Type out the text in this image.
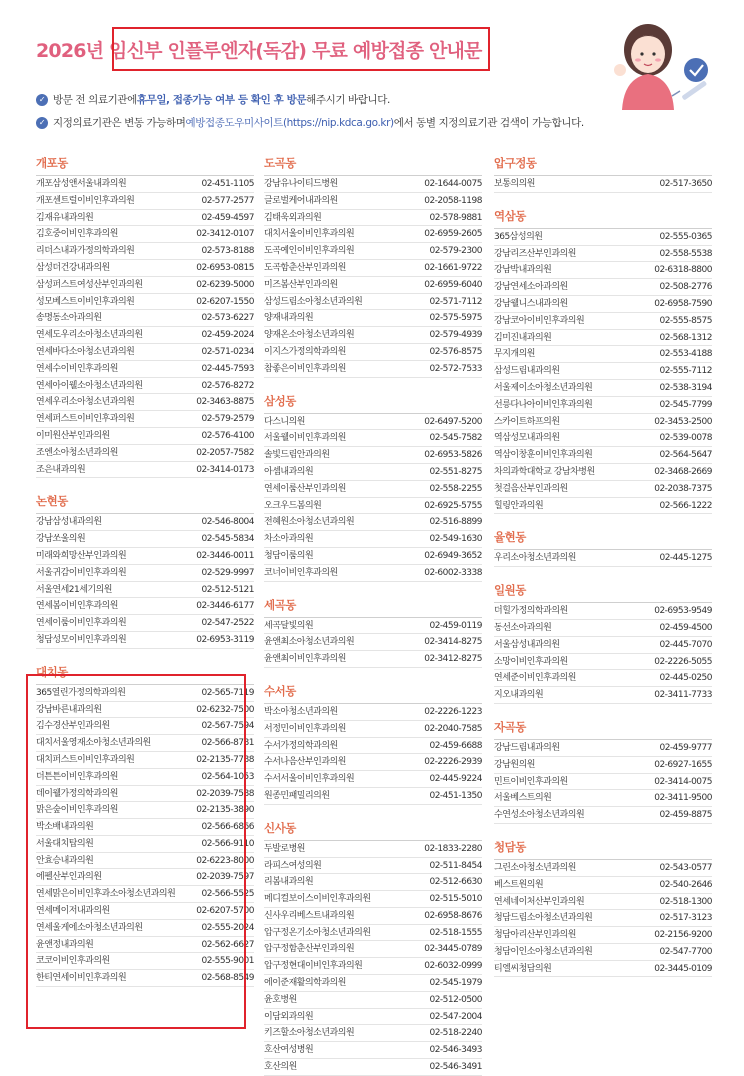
2026년 임신부 인플루엔자(독감) 무료 예방접종 안내문
✓ 방문 전 의료기관에 휴무일, 접종가능 여부 등 확인 후 방문 해주시기 바랍니다.
✓ 지정의료기관은 변동 가능하며 예방접종도우미사이트(https://nip.kdca.go.kr) 에서 동별 지정의료기관 검색이 가능합니다.
개포동
개포삼성앤서울내과의원	02-451-1105
개포센트럴이비인후과의원	02-577-2577
김재유내과의원	02-459-4597
김호중이비인후과의원	02-3412-0107
리더스내과가정의학과의원	02-573-8188
삼성더건강내과의원	02-6953-0815
삼성퍼스트여성산부인과의원	02-6239-5000
성모베스트이비인후과의원	02-6207-1550
송명동소아과의원	02-573-6227
연세도우리소아청소년과의원	02-459-2024
연세바다소아청소년과의원	02-571-0234
연세수이비인후과의원	02-445-7593
연세아이웰소아청소년과의원	02-576-8272
연세우리소아청소년과의원	02-3463-8875
연세퍼스트이비인후과의원	02-579-2579
이미원산부인과의원	02-576-4100
조엔소아청소년과의원	02-2057-7582
조은내과의원	02-3414-0173
논현동
강남삼성내과의원	02-546-8004
강남쏘울의원	02-545-5834
미래와희망산부인과의원	02-3446-0011
서울귀감이비인후과의원	02-529-9997
서울연세21세기의원	02-512-5121
연세봄이비인후과의원	02-3446-6177
연세이룸이비인후과의원	02-547-2522
청담성모이비인후과의원	02-6953-3119
대치동
365열린가정의학과의원	02-565-7119
강남바른내과의원	02-6232-7500
김수경산부인과의원	02-567-7594
대치서울영재소아청소년과의원	02-566-8781
대치퍼스트이비인후과의원	02-2135-7788
더튼튼이비인후과의원	02-564-1053
데이웰가정의학과의원	02-2039-7588
맑은숲이비인후과의원	02-2135-3890
박소배내과의원	02-566-6866
서울대치탑의원	02-566-9110
안효승내과의원	02-6223-8000
에펠산부인과의원	02-2039-7597
연세맑은이비인후과소아청소년과의원	02-566-5525
연세메이저내과의원	02-6207-5700
연세울게에소아청소년과의원	02-555-2024
윤앤정내과의원	02-562-6627
코코이비인후과의원	02-555-9001
한티연세이비인후과의원	02-568-8549
도곡동
강남유나이티드병원	02-1644-0075
글로벌케어내과의원	02-2058-1198
김태욱외과의원	02-578-9881
대치서울이비인후과의원	02-6959-2605
도곡예인이비인후과의원	02-579-2300
도곡함춘산부인과의원	02-1661-9722
미즈봄산부인과의원	02-6959-6040
삼성드림소아청소년과의원	02-571-7112
양재내과의원	02-575-5975
양재온소아청소년과의원	02-579-4939
이지스가정의학과의원	02-576-8575
참좋은이비인후과의원	02-572-7533
삼성동
다스니의원	02-6497-5200
서울웰이비인후과의원	02-545-7582
솔빛드림안과의원	02-6953-5826
아셈내과의원	02-551-8275
연세이룸산부인과의원	02-558-2255
오크우드봄의원	02-6925-5755
전혜원소아청소년과의원	02-516-8899
차소아과의원	02-549-1630
청담이룸의원	02-6949-3652
코너이비인후과의원	02-6002-3338
세곡동
세곡달빛의원	02-459-0119
윤앤최소아청소년과의원	02-3414-8275
윤앤최이비인후과의원	02-3412-8275
수서동
박소아청소년과의원	02-2226-1223
서정민이비인후과의원	02-2040-7585
수서가정의학과의원	02-459-6688
수서나음산부인과의원	02-2226-2939
수서서울이비인후과의원	02-445-9224
원종민패밀리의원	02-451-1350
신사동
두발로병원	02-1833-2280
라피스여성의원	02-511-8454
리봄내과의원	02-512-6630
메디컬보이스이비인후과의원	02-515-5010
신사우리베스트내과의원	02-6958-8676
압구정온기소아청소년과의원	02-518-1555
압구정함춘산부인과의원	02-3445-0789
압구정현대이비인후과의원	02-6032-0999
에이준재활의학과의원	02-545-1979
윤호병원	02-512-0500
이담외과의원	02-547-2004
키즈할소아청소년과의원	02-518-2240
호산여성병원	02-546-3493
호산의원	02-546-3491
압구정동
보통의의원	02-517-3650
역삼동
365삼성의원	02-555-0365
강남리즈산부인과의원	02-558-5538
강남박내과의원	02-6318-8800
강남연세소아과의원	02-508-2776
강남웰니스내과의원	02-6958-7590
강남코아이비인후과의원	02-555-8575
김미진내과의원	02-568-1312
무지개의원	02-553-4188
삼성드림내과의원	02-555-7112
서울제이소아청소년과의원	02-538-3194
선릉다나아이비인후과의원	02-545-7799
스카이트하프의원	02-3453-2500
역삼성모내과의원	02-539-0078
역삼이창훈이비인후과의원	02-564-5647
차의과학대학교 강남차병원	02-3468-2669
첫걸음산부인과의원	02-2038-7375
힐링안과의원	02-566-1222
율현동
우리소아청소년과의원	02-445-1275
일원동
더힐가정의학과의원	02-6953-9549
동선소아과의원	02-459-4500
서울삼성내과의원	02-445-7070
소망이비인후과의원	02-2226-5055
연세준이비인후과의원	02-445-0250
지오내과의원	02-3411-7733
자곡동
강남드림내과의원	02-459-9777
강남원의원	02-6927-1655
민트이비인후과의원	02-3414-0075
서울베스트의원	02-3411-9500
수연성소아청소년과의원	02-459-8875
청담동
그린소아청소년과의원	02-543-0577
베스트원의원	02-540-2646
연세네이처산부인과의원	02-518-1300
청담드림소아청소년과의원	02-517-3123
청담아리산부인과의원	02-2156-9200
청담이인소아청소년과의원	02-547-7700
티엘씨청담의원	02-3445-0109
